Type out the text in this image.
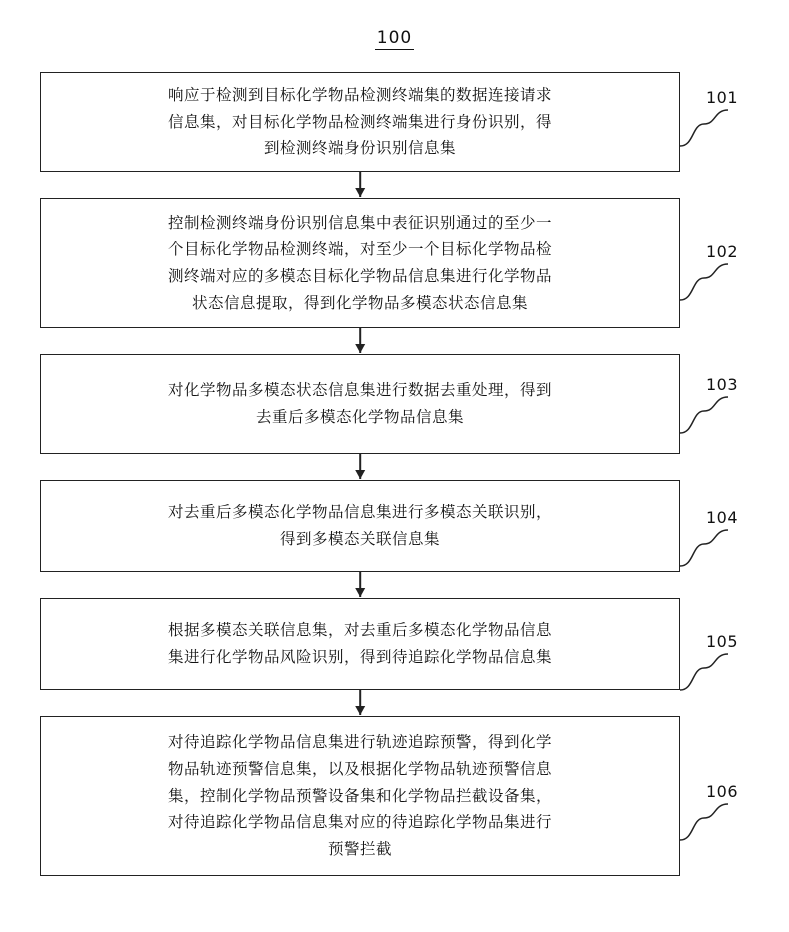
100
响应于检测到目标化学物品检测终端集的数据连接请求
信息集，对目标化学物品检测终端集进行身份识别，得
到检测终端身份识别信息集
控制检测终端身份识别信息集中表征识别通过的至少一
个目标化学物品检测终端，对至少一个目标化学物品检
测终端对应的多模态目标化学物品信息集进行化学物品
状态信息提取，得到化学物品多模态状态信息集
对化学物品多模态状态信息集进行数据去重处理，得到
去重后多模态化学物品信息集
对去重后多模态化学物品信息集进行多模态关联识别，
得到多模态关联信息集
根据多模态关联信息集，对去重后多模态化学物品信息
集进行化学物品风险识别，得到待追踪化学物品信息集
对待追踪化学物品信息集进行轨迹追踪预警，得到化学
物品轨迹预警信息集，以及根据化学物品轨迹预警信息
集，控制化学物品预警设备集和化学物品拦截设备集，
对待追踪化学物品信息集对应的待追踪化学物品集进行
预警拦截
101
102
103
104
105
106
